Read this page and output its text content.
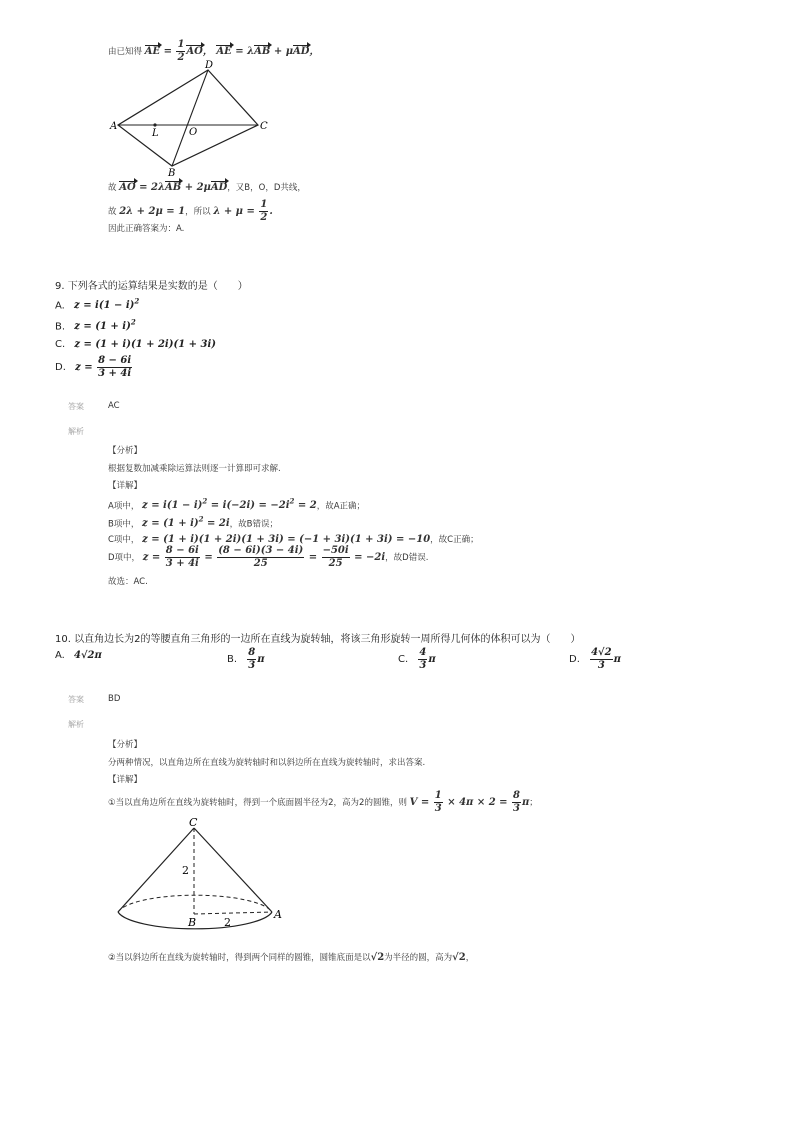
由已知得 AE = $\frac{1}{2}$ AO， AE = λAB + μAD，
A
D
C
B
O
L
故 AO = 2λAB + 2μAD，又B，O，D共线，
故 2λ + 2μ = 1，所以 $\lambda + \mu = \frac{1}{2}$ .
因此正确答案为：A.
9. 下列各式的运算结果是实数的是（　　）
A. $z = i(1 - i)^2$
B. $z = (1 + i)^2$
C. z = (1 + i)(1 + 2i)(1 + 3i)
D. $z = \frac{8 - 6i}{3 + 4i}$
答案	AC
解析
【分析】
根据复数加减乘除运算法则逐一计算即可求解.
【详解】
A项中， $z = i(1 - i)^2 = i(-2i) = -2i^2 = 2$，故A正确；
B项中， $z = (1 + i)^2 = 2i$，故B错误；
C项中， z = (1 + i)(1 + 2i)(1 + 3i) = (−1 + 3i)(1 + 3i) = −10，故C正确；
D项中， $z = \frac{8 - 6i}{3 + 4i} = \frac{(8 - 6i)(3 - 4i)}{25} = \frac{-50i}{25} = -2i$，故D错误.
故选：AC.
10. 以直角边长为2的等腰直角三角形的一边所在直线为旋转轴，将该三角形旋转一周所得几何体的体积可以为（　　）
A. 4√2π	B. $\frac{8}{3}$ π	C. $\frac{4}{3}$ π	D. $\frac{4√2}{3}$ π
答案	BD
解析
【分析】
分两种情况，以直角边所在直线为旋转轴时和以斜边所在直线为旋转轴时，求出答案.
【详解】
①当以直角边所在直线为旋转轴时，得到一个底面圆半径为2，高为2的圆锥，则 $V = \frac{1}{3} \times 4\pi \times 2 = \frac{8}{3}$ π；
C
A
B
2
2
②当以斜边所在直线为旋转轴时，得到两个同样的圆锥，圆锥底面是以√2为半径的圆，高为√2，
